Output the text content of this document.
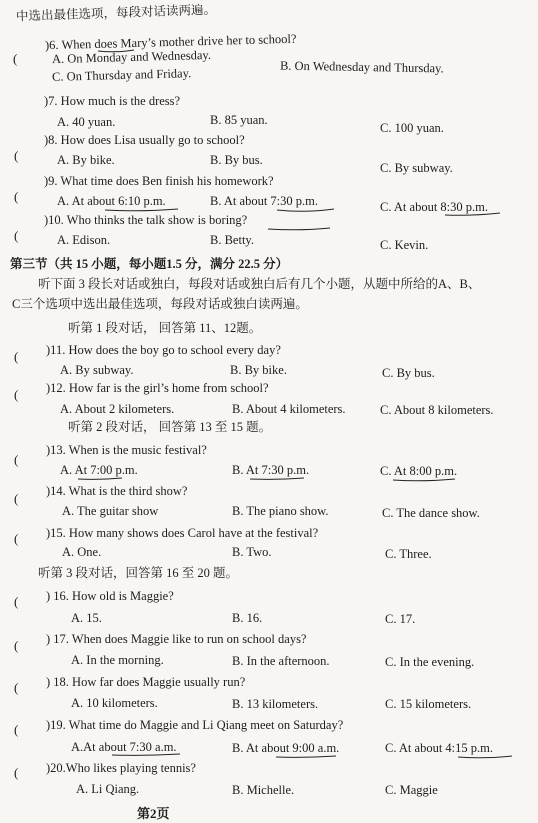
中选出最佳选项，每段对话读两遍。
(
)6. When does Mary’s mother drive her to school?
A. On Monday and Wednesday.
B. On Wednesday and Thursday.
C. On Thursday and Friday.
)7. How much is the dress?
A. 40 yuan.	B. 85 yuan.
C. 100 yuan.
(
)8. How does Lisa usually go to school?
A. By bike.	B. By bus.
C. By subway.
(
)9. What time does Ben finish his homework?
A. At about 6:10 p.m.	B. At about 7:30 p.m.	C. At about 8:30 p.m.
(
)10. Who thinks the talk show is boring?
A. Edison.	B. Betty.	C. Kevin.
第三节（共 15 小题，每小题1.5 分，满分 22.5 分）
听下面 3 段长对话或独白，每段对话或独白后有几个小题，从题中所给的A、B、
C三个选项中选出最佳选项，每段对话或独白读两遍。
听第 1 段对话， 回答第 11、12题。
( )11. How does the boy go to school every day?
A. By subway.	B. By bike.	C. By bus.
( )12. How far is the girl’s home from school?
A. About 2 kilometers.	B. About 4 kilometers.	C. About 8 kilometers.
听第 2 段对话， 回答第 13 至 15 题。
(
)13. When is the music festival?
A. At 7:00 p.m.	B. At 7:30 p.m.	C. At 8:00 p.m.
( )14. What is the third show?
A. The guitar show	B. The piano show.	C. The dance show.
( )15. How many shows does Carol have at the festival?
A. One.	B. Two.	C. Three.
听第 3 段对话，回答第 16 至 20 题。
( ) 16. How old is Maggie?
A. 15.	B. 16.	C. 17.
( ) 17. When does Maggie like to run on school days?
A. In the morning.	B. In the afternoon.	C. In the evening.
( ) 18. How far does Maggie usually run?
A. 10 kilometers.	B. 13 kilometers.	C. 15 kilometers.
( )19. What time do Maggie and Li Qiang meet on Saturday?
A.At about 7:30 a.m.	B. At about 9:00 a.m.	C. At about 4:15 p.m.
( )20.Who likes playing tennis?
A. Li Qiang.	B. Michelle.	C. Maggie
第2页
